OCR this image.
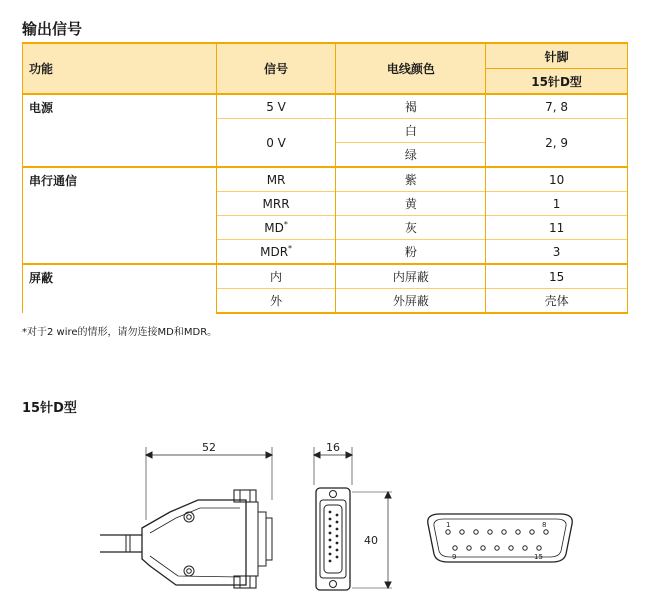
输出信号
功能	信号	电线颜色	针脚
			15针D型
电源	5 V	褐	7, 8
	0 V	白	2, 9
		绿	
串行通信	MR	紫	10
	MRR	黄	1
	MD*	灰	11
	MDR*	粉	3
屏蔽	内	内屏蔽	15
	外	外屏蔽	壳体
*对于2 wire的情形，请勿连接MD和MDR。
15针D型
52	16
40
1	8
9	15
